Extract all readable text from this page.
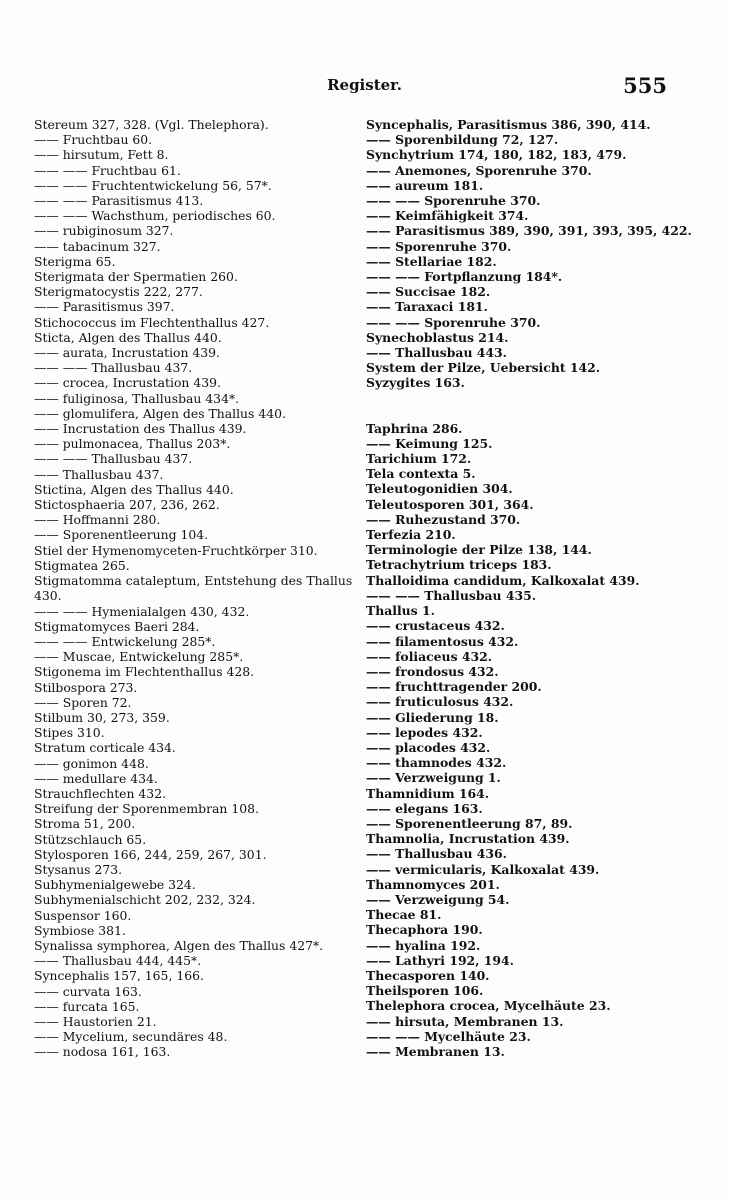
Register.	555
Stereum 327, 328. (Vgl. Thelephora).
—— Fruchtbau 60.
—— hirsutum, Fett 8.
—— —— Fruchtbau 61.
—— —— Fruchtentwickelung 56, 57*.
—— —— Parasitismus 413.
—— —— Wachsthum, periodisches 60.
—— rubiginosum 327.
—— tabacinum 327.
Sterigma 65.
Sterigmata der Spermatien 260.
Sterigmatocystis 222, 277.
—— Parasitismus 397.
Stichococcus im Flechtenthallus 427.
Sticta, Algen des Thallus 440.
—— aurata, Incrustation 439.
—— —— Thallusbau 437.
—— crocea, Incrustation 439.
—— fuliginosa, Thallusbau 434*.
—— glomulifera, Algen des Thallus 440.
—— Incrustation des Thallus 439.
—— pulmonacea, Thallus 203*.
—— —— Thallusbau 437.
—— Thallusbau 437.
Stictina, Algen des Thallus 440.
Stictosphaeria 207, 236, 262.
—— Hoffmanni 280.
—— Sporenentleerung 104.
Stiel der Hymenomyceten-Fruchtkörper 310.
Stigmatea 265.
Stigmatomma cataleptum, Entstehung des Thallus 430.
—— —— Hymenialalgen 430, 432.
Stigmatomyces Baeri 284.
—— —— Entwickelung 285*.
—— Muscae, Entwickelung 285*.
Stigonema im Flechtenthallus 428.
Stilbospora 273.
—— Sporen 72.
Stilbum 30, 273, 359.
Stipes 310.
Stratum corticale 434.
—— gonimon 448.
—— medullare 434.
Strauchflechten 432.
Streifung der Sporenmembran 108.
Stroma 51, 200.
Stützschlauch 65.
Stylosporen 166, 244, 259, 267, 301.
Stysanus 273.
Subhymenialgewebe 324.
Subhymenialschicht 202, 232, 324.
Suspensor 160.
Symbiose 381.
Synalissa symphorea, Algen des Thallus 427*.
—— Thallusbau 444, 445*.
Syncephalis 157, 165, 166.
—— curvata 163.
—— furcata 165.
—— Haustorien 21.
—— Mycelium, secundäres 48.
—— nodosa 161, 163.
Syncephalis, Parasitismus 386, 390, 414.
—— Sporenbildung 72, 127.
Synchytrium 174, 180, 182, 183, 479.
—— Anemones, Sporenruhe 370.
—— aureum 181.
—— —— Sporenruhe 370.
—— Keimfähigkeit 374.
—— Parasitismus 389, 390, 391, 393, 395, 422.
—— Sporenruhe 370.
—— Stellariae 182.
—— —— Fortpflanzung 184*.
—— Succisae 182.
—— Taraxaci 181.
—— —— Sporenruhe 370.
Synechoblastus 214.
—— Thallusbau 443.
System der Pilze, Uebersicht 142.
Syzygites 163.
Taphrina 286.
—— Keimung 125.
Tarichium 172.
Tela contexta 5.
Teleutogonidien 304.
Teleutosporen 301, 364.
—— Ruhezustand 370.
Terfezia 210.
Terminologie der Pilze 138, 144.
Tetrachytrium triceps 183.
Thalloidima candidum, Kalkoxalat 439.
—— —— Thallusbau 435.
Thallus 1.
—— crustaceus 432.
—— filamentosus 432.
—— foliaceus 432.
—— frondosus 432.
—— fruchttragender 200.
—— fruticulosus 432.
—— Gliederung 18.
—— lepodes 432.
—— placodes 432.
—— thamnodes 432.
—— Verzweigung 1.
Thamnidium 164.
—— elegans 163.
—— Sporenentleerung 87, 89.
Thamnolia, Incrustation 439.
—— Thallusbau 436.
—— vermicularis, Kalkoxalat 439.
Thamnomyces 201.
—— Verzweigung 54.
Thecae 81.
Thecaphora 190.
—— hyalina 192.
—— Lathyri 192, 194.
Thecasporen 140.
Theilsporen 106.
Thelephora crocea, Mycelhäute 23.
—— hirsuta, Membranen 13.
—— —— Mycelhäute 23.
—— Membranen 13.
